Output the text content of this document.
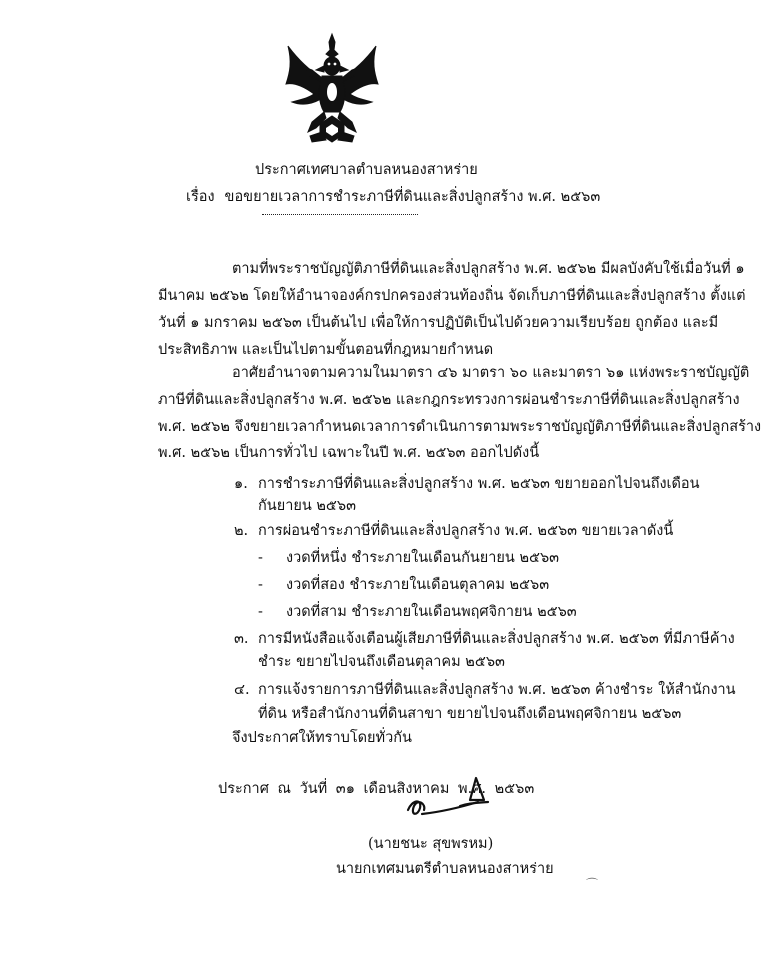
ประกาศเทศบาลตำบลหนองสาหร่าย
เรื่อง ขอขยายเวลาการชำระภาษีที่ดินและสิ่งปลูกสร้าง พ.ศ. ๒๕๖๓
ตามที่พระราชบัญญัติภาษีที่ดินและสิ่งปลูกสร้าง พ.ศ. ๒๕๖๒ มีผลบังคับใช้เมื่อวันที่ ๑
มีนาคม ๒๕๖๒ โดยให้อำนาจองค์กรปกครองส่วนท้องถิ่น จัดเก็บภาษีที่ดินและสิ่งปลูกสร้าง ตั้งแต่
วันที่ ๑ มกราคม ๒๕๖๓ เป็นต้นไป เพื่อให้การปฏิบัติเป็นไปด้วยความเรียบร้อย ถูกต้อง และมี
ประสิทธิภาพ และเป็นไปตามขั้นตอนที่กฎหมายกำหนด
อาศัยอำนาจตามความในมาตรา ๔๖ มาตรา ๖๐ และมาตรา ๖๑ แห่งพระราชบัญญัติ
ภาษีที่ดินและสิ่งปลูกสร้าง พ.ศ. ๒๕๖๒ และกฎกระทรวงการผ่อนชำระภาษีที่ดินและสิ่งปลูกสร้าง
พ.ศ. ๒๕๖๒ จึงขยายเวลากำหนดเวลาการดำเนินการตามพระราชบัญญัติภาษีที่ดินและสิ่งปลูกสร้าง
พ.ศ. ๒๕๖๒ เป็นการทั่วไป เฉพาะในปี พ.ศ. ๒๕๖๓ ออกไปดังนี้
๑. การชำระภาษีที่ดินและสิ่งปลูกสร้าง พ.ศ. ๒๕๖๓ ขยายออกไปจนถึงเดือน
กันยายน ๒๕๖๓
๒. การผ่อนชำระภาษีที่ดินและสิ่งปลูกสร้าง พ.ศ. ๒๕๖๓ ขยายเวลาดังนี้
- งวดที่หนึ่ง ชำระภายในเดือนกันยายน ๒๕๖๓
- งวดที่สอง ชำระภายในเดือนตุลาคม ๒๕๖๓
- งวดที่สาม ชำระภายในเดือนพฤศจิกายน ๒๕๖๓
๓. การมีหนังสือแจ้งเตือนผู้เสียภาษีที่ดินและสิ่งปลูกสร้าง พ.ศ. ๒๕๖๓ ที่มีภาษีค้าง
ชำระ ขยายไปจนถึงเดือนตุลาคม ๒๕๖๓
๔. การแจ้งรายการภาษีที่ดินและสิ่งปลูกสร้าง พ.ศ. ๒๕๖๓ ค้างชำระ ให้สำนักงาน
ที่ดิน หรือสำนักงานที่ดินสาขา ขยายไปจนถึงเดือนพฤศจิกายน ๒๕๖๓
จึงประกาศให้ทราบโดยทั่วกัน
ประกาศ ณ วันที่ ๓๑ เดือนสิงหาคม พ.ศ. ๒๕๖๓
(นายชนะ สุขพรหม)
นายกเทศมนตรีตำบลหนองสาหร่าย
⌒
